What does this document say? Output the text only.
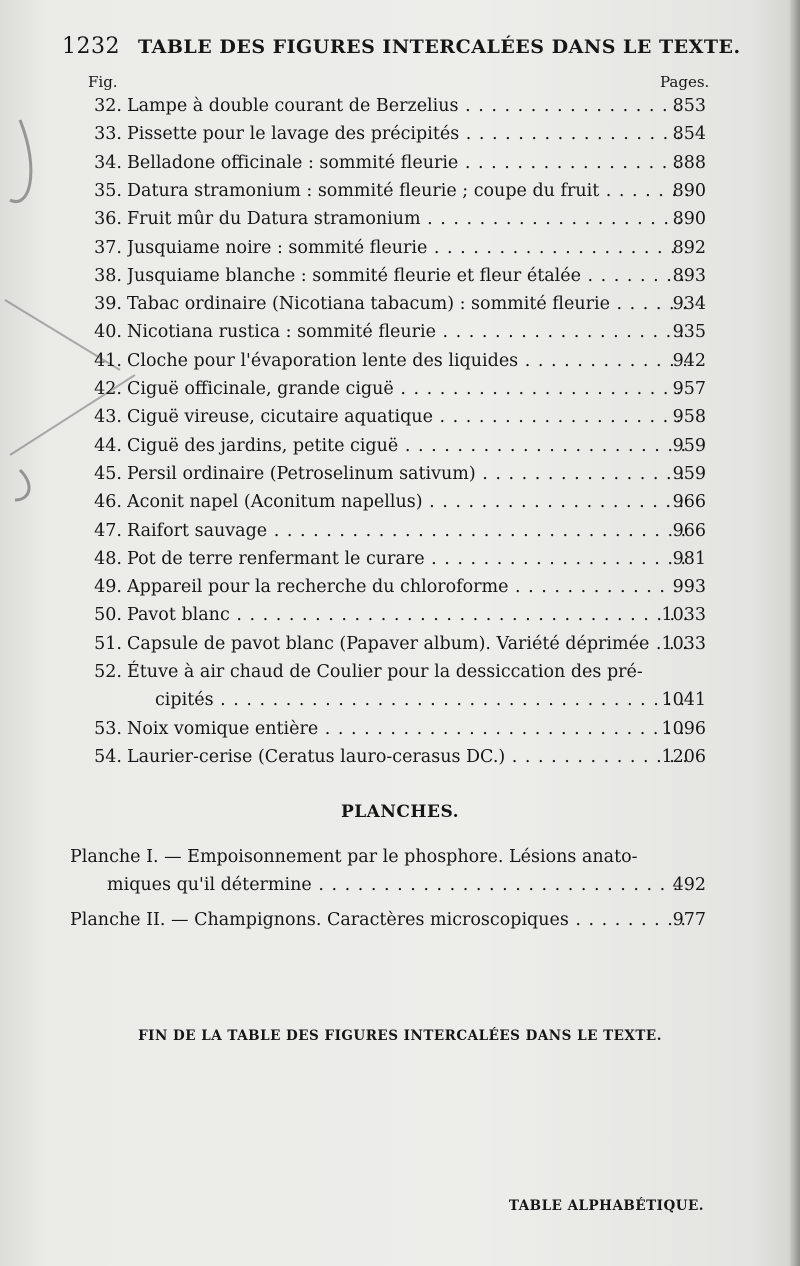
1232 TABLE DES FIGURES INTERCALÉES DANS LE TEXTE.
Fig.	Pages.
32. Lampe à double courant de Berzelius . . .	853
33. Pissette pour le lavage des précipités . . .	854
34. Belladone officinale : sommité fleurie . . .	888
35. Datura stramonium : sommité fleurie ; coupe du fruit . . .	890
36. Fruit mûr du Datura stramonium . . .	890
37. Jusquiame noire : sommité fleurie . . .	892
38. Jusquiame blanche : sommité fleurie et fleur étalée . . .	893
39. Tabac ordinaire (Nicotiana tabacum) : sommité fleurie . . .	934
40. Nicotiana rustica : sommité fleurie . . .	935
41. Cloche pour l'évaporation lente des liquides . . .	942
42. Ciguë officinale, grande ciguë . . .	957
43. Ciguë vireuse, cicutaire aquatique . . .	958
44. Ciguë des jardins, petite ciguë . . .	959
45. Persil ordinaire (Petroselinum sativum) . . .	959
46. Aconit napel (Aconitum napellus) . . .	966
47. Raifort sauvage . . .	966
48. Pot de terre renfermant le curare . . .	981
49. Appareil pour la recherche du chloroforme . . .	993
50. Pavot blanc . . .	1033
51. Capsule de pavot blanc (Papaver album). Variété déprimée . . . 1033
52. Étuve à air chaud de Coulier pour la dessiccation des pré-
cipités . . .	1041
53. Noix vomique entière . . .	1096
54. Laurier-cerise (Ceratus lauro-cerasus DC.) . . .	1206
PLANCHES.
Planche I. — Empoisonnement par le phosphore. Lésions anato-
miques qu'il détermine . . .	492
Planche II. — Champignons. Caractères microscopiques . . .	977
FIN DE LA TABLE DES FIGURES INTERCALÉES DANS LE TEXTE.
TABLE ALPHABÉTIQUE.
